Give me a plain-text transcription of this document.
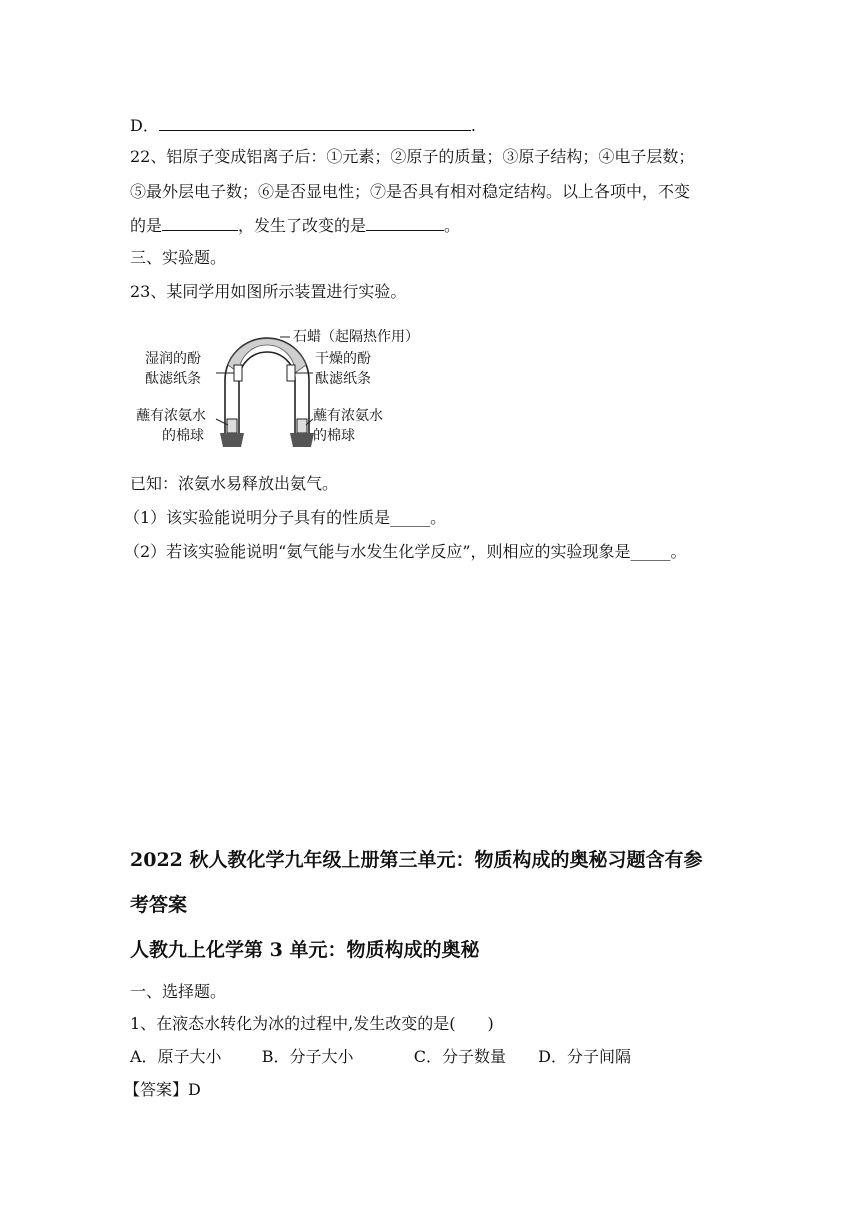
D．	.
22、铝原子变成铝离子后：①元素；②原子的质量；③原子结构；④电子层数；
⑤最外层电子数；⑥是否显电性；⑦是否具有相对稳定结构。以上各项中，不变
的是	，发生了改变的是	。
三、实验题。
23、某同学用如图所示装置进行实验。
石蜡（起隔热作用）
湿润的酚
酞滤纸条
干燥的酚
酞滤纸条
蘸有浓氨水
的棉球
蘸有浓氨水
的棉球
已知：浓氨水易释放出氨气。
（1）该实验能说明分子具有的性质是_____。
（2）若该实验能说明“氨气能与水发生化学反应”，则相应的实验现象是_____。
2022 秋人教化学九年级上册第三单元：物质构成的奥秘习题含有参
考答案
人教九上化学第 3 单元：物质构成的奥秘
一、选择题。
1、在液态水转化为冰的过程中,发生改变的是(　　)
A．原子大小	B．分子大小	C．分子数量 D．分子间隔
【答案】D
